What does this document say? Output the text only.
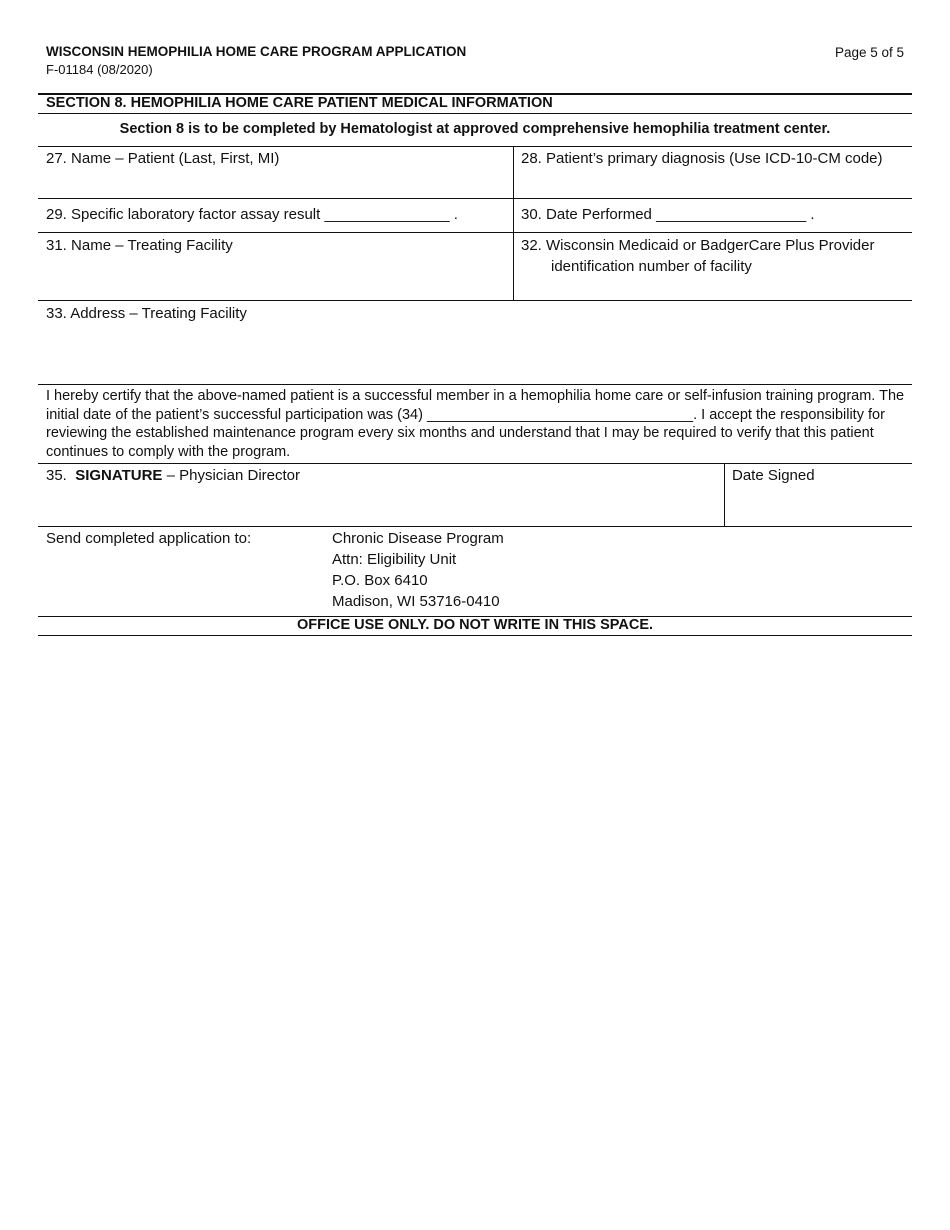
WISCONSIN HEMOPHILIA HOME CARE PROGRAM APPLICATION
F-01184 (08/2020)
Page 5 of 5
SECTION 8. HEMOPHILIA HOME CARE PATIENT MEDICAL INFORMATION
Section 8 is to be completed by Hematologist at approved comprehensive hemophilia treatment center.
27. Name – Patient (Last, First, MI)	28. Patient’s primary diagnosis (Use ICD-10-CM code)
29. Specific laboratory factor assay result _______________ .	30. Date Performed __________________ .
31. Name – Treating Facility	32. Wisconsin Medicaid or BadgerCare Plus Provider
identification number of facility
33. Address – Treating Facility
I hereby certify that the above-named patient is a successful member in a hemophilia home care or self-infusion training program. The initial date of the patient’s successful participation was (34) _________________________________. I accept the responsibility for reviewing the established maintenance program every six months and understand that I may be required to verify that this patient continues to comply with the program.
35. SIGNATURE – Physician Director	Date Signed
Send completed application to:	Chronic Disease Program
Attn: Eligibility Unit
P.O. Box 6410
Madison, WI 53716-0410
OFFICE USE ONLY. DO NOT WRITE IN THIS SPACE.
